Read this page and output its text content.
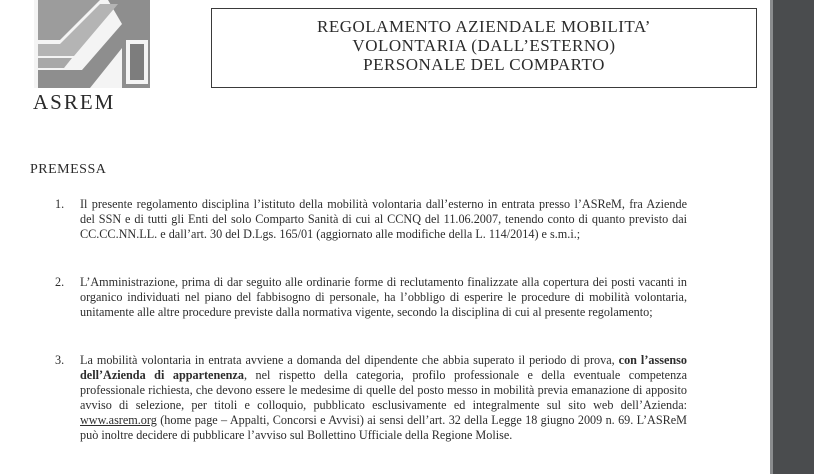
ASREM
REGOLAMENTO AZIENDALE MOBILITA’
VOLONTARIA (DALL’ESTERNO)
PERSONALE DEL COMPARTO
PREMESSA
1.	Il presente regolamento disciplina l’istituto della mobilità volontaria dall’esterno in entrata presso l’ASReM, fra Aziende del SSN e di tutti gli Enti del solo Comparto Sanità di cui al CCNQ del 11.06.2007, tenendo conto di quanto previsto dai CC.CC.NN.LL. e dall’art. 30 del D.Lgs. 165/01 (aggiornato alle modifiche della L. 114/2014) e s.m.i.;
2.	L’Amministrazione, prima di dar seguito alle ordinarie forme di reclutamento finalizzate alla copertura dei posti vacanti in organico individuati nel piano del fabbisogno di personale, ha l’obbligo di esperire le procedure di mobilità volontaria, unitamente alle altre procedure previste dalla normativa vigente, secondo la disciplina di cui al presente regolamento;
3.	La mobilità volontaria in entrata avviene a domanda del dipendente che abbia superato il periodo di prova, con l’assenso dell’Azienda di appartenenza, nel rispetto della categoria, profilo professionale e della eventuale competenza professionale richiesta, che devono essere le medesime di quelle del posto messo in mobilità previa emanazione di apposito avviso di selezione, per titoli e colloquio, pubblicato esclusivamente ed integralmente sul sito web dell’Azienda: www.asrem.org (home page – Appalti, Concorsi e Avvisi) ai sensi dell’art. 32 della Legge 18 giugno 2009 n. 69. L’ASReM può inoltre decidere di pubblicare l’avviso sul Bollettino Ufficiale della Regione Molise.
